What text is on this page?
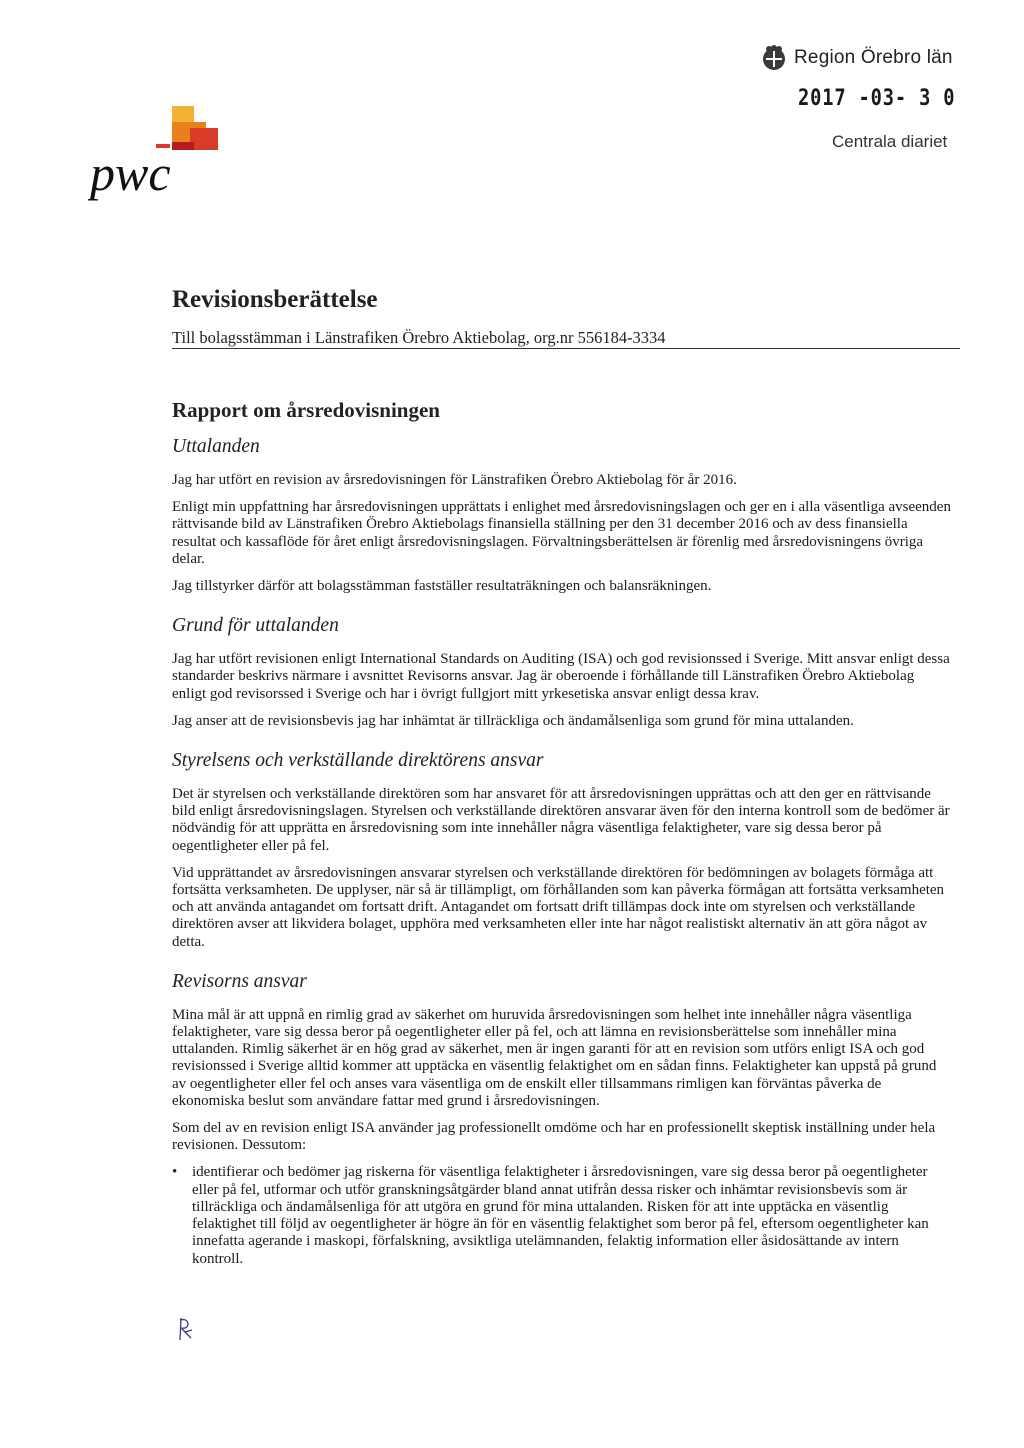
Region Örebro län
2017 -03- 3 0
Centrala diariet
pwc
Revisionsberättelse
Till bolagsstämman i Länstrafiken Örebro Aktiebolag, org.nr 556184-3334
Rapport om årsredovisningen
Uttalanden

Jag har utfört en revision av årsredovisningen för Länstrafiken Örebro Aktiebolag för år 2016.

Enligt min uppfattning har årsredovisningen upprättats i enlighet med årsredovisningslagen och ger en i alla väsentliga avseenden rättvisande bild av Länstrafiken Örebro Aktiebolags finansiella ställning per den 31 december 2016 och av dess finansiella resultat och kassaflöde för året enligt årsredovisningslagen. Förvaltningsberättelsen är förenlig med årsredovisningens övriga delar.

Jag tillstyrker därför att bolagsstämman fastställer resultaträkningen och balansräkningen.

Grund för uttalanden

Jag har utfört revisionen enligt International Standards on Auditing (ISA) och god revisionssed i Sverige. Mitt ansvar enligt dessa standarder beskrivs närmare i avsnittet Revisorns ansvar. Jag är oberoende i förhållande till Länstrafiken Örebro Aktiebolag enligt god revisorssed i Sverige och har i övrigt fullgjort mitt yrkesetiska ansvar enligt dessa krav.

Jag anser att de revisionsbevis jag har inhämtat är tillräckliga och ändamålsenliga som grund för mina uttalanden.

Styrelsens och verkställande direktörens ansvar

Det är styrelsen och verkställande direktören som har ansvaret för att årsredovisningen upprättas och att den ger en rättvisande bild enligt årsredovisningslagen. Styrelsen och verkställande direktören ansvarar även för den interna kontroll som de bedömer är nödvändig för att upprätta en årsredovisning som inte innehåller några väsentliga felaktigheter, vare sig dessa beror på oegentligheter eller på fel.

Vid upprättandet av årsredovisningen ansvarar styrelsen och verkställande direktören för bedömningen av bolagets förmåga att fortsätta verksamheten. De upplyser, när så är tillämpligt, om förhållanden som kan påverka förmågan att fortsätta verksamheten och att använda antagandet om fortsatt drift. Antagandet om fortsatt drift tillämpas dock inte om styrelsen och verkställande direktören avser att likvidera bolaget, upphöra med verksamheten eller inte har något realistiskt alternativ än att göra något av detta.

Revisorns ansvar

Mina mål är att uppnå en rimlig grad av säkerhet om huruvida årsredovisningen som helhet inte innehåller några väsentliga felaktigheter, vare sig dessa beror på oegentligheter eller på fel, och att lämna en revisionsberättelse som innehåller mina uttalanden. Rimlig säkerhet är en hög grad av säkerhet, men är ingen garanti för att en revision som utförs enligt ISA och god revisionssed i Sverige alltid kommer att upptäcka en väsentlig felaktighet om en sådan finns. Felaktigheter kan uppstå på grund av oegentligheter eller fel och anses vara väsentliga om de enskilt eller tillsammans rimligen kan förväntas påverka de ekonomiska beslut som användare fattar med grund i årsredovisningen.

Som del av en revision enligt ISA använder jag professionellt omdöme och har en professionellt skeptisk inställning under hela revisionen. Dessutom:

• identifierar och bedömer jag riskerna för väsentliga felaktigheter i årsredovisningen, vare sig dessa beror på oegentligheter eller på fel, utformar och utför granskningsåtgärder bland annat utifrån dessa risker och inhämtar revisionsbevis som är tillräckliga och ändamålsenliga för att utgöra en grund för mina uttalanden. Risken för att inte upptäcka en väsentlig felaktighet till följd av oegentligheter är högre än för en väsentlig felaktighet som beror på fel, eftersom oegentligheter kan innefatta agerande i maskopi, förfalskning, avsiktliga utelämnanden, felaktig information eller åsidosättande av intern kontroll.
